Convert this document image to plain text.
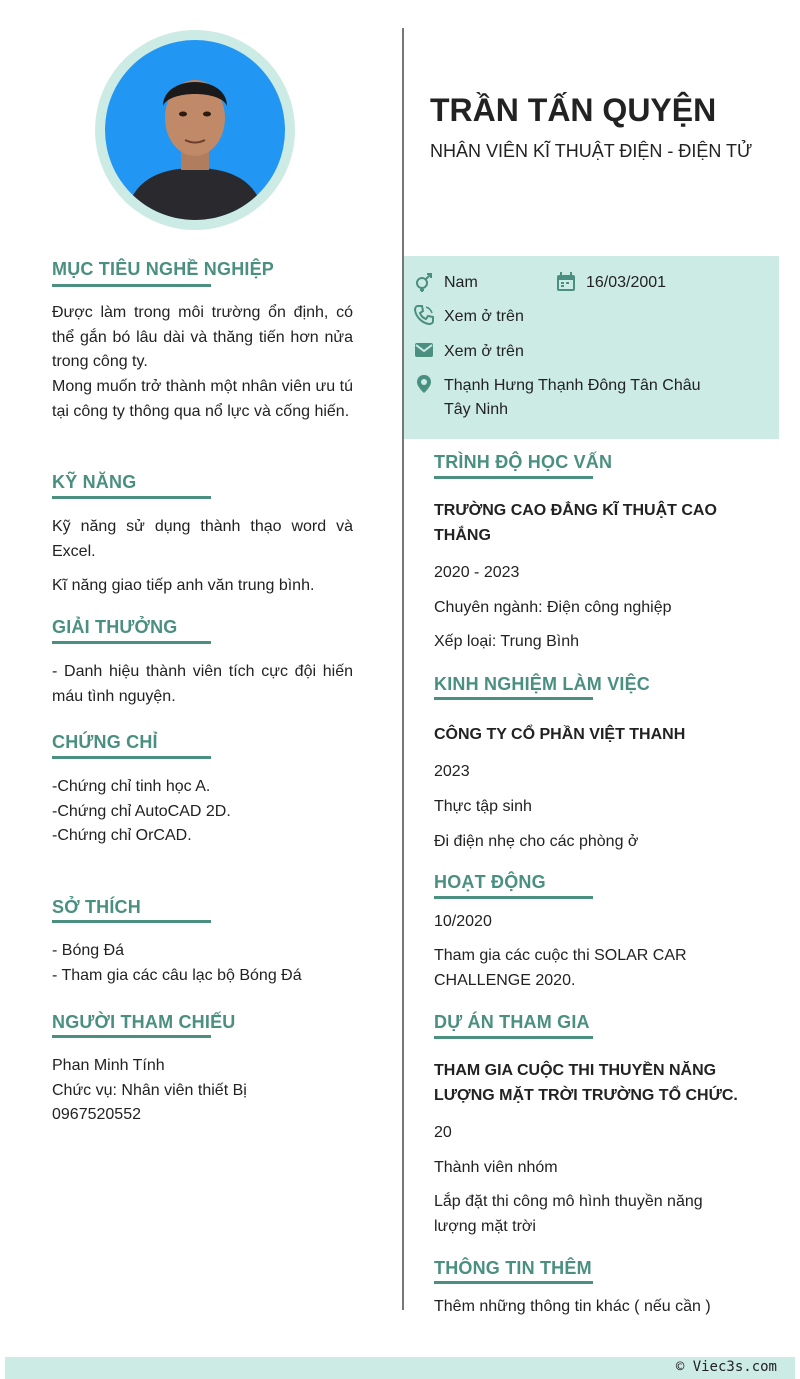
TRẦN TẤN QUYỆN
NHÂN VIÊN KĨ THUẬT ĐIỆN - ĐIỆN TỬ
Nam	16/03/2001
Xem ở trên
Xem ở trên
Thạnh Hưng Thạnh Đông Tân Châu
Tây Ninh
MỤC TIÊU NGHỀ NGHIỆP
Được làm trong môi trường ổn định, có thể gắn bó lâu dài và thăng tiến hơn nửa trong công ty.
Mong muốn trở thành một nhân viên ưu tú tại công ty thông qua nổ lực và cống hiến.
KỸ NĂNG
Kỹ năng sử dụng thành thạo word và Excel.
Kĩ năng giao tiếp anh văn trung bình.
GIẢI THƯỞNG
- Danh hiệu thành viên tích cực đội hiến máu tình nguyện.
CHỨNG CHỈ
-Chứng chỉ tinh học A.
-Chứng chỉ AutoCAD 2D.
-Chứng chỉ OrCAD.
SỞ THÍCH
- Bóng Đá
- Tham gia các câu lạc bộ Bóng Đá
NGƯỜI THAM CHIẾU
Phan Minh Tính
Chức vụ: Nhân viên thiết Bị
0967520552
TRÌNH ĐỘ HỌC VẤN
TRƯỜNG CAO ĐẲNG KĨ THUẬT CAO THẮNG
2020 - 2023
Chuyên ngành: Điện công nghiệp
Xếp loại: Trung Bình
KINH NGHIỆM LÀM VIỆC
CÔNG TY CỔ PHẦN VIỆT THANH
2023
Thực tập sinh
Đi điện nhẹ cho các phòng ở
HOẠT ĐỘNG
10/2020
Tham gia các cuộc thi SOLAR CAR CHALLENGE 2020.
DỰ ÁN THAM GIA
THAM GIA CUỘC THI THUYỀN NĂNG LƯỢNG MẶT TRỜI TRƯỜNG TỔ CHỨC.
20
Thành viên nhóm
Lắp đặt thi công mô hình thuyền năng lượng mặt trời
THÔNG TIN THÊM
Thêm những thông tin khác ( nếu cần )
© Viec3s.com
